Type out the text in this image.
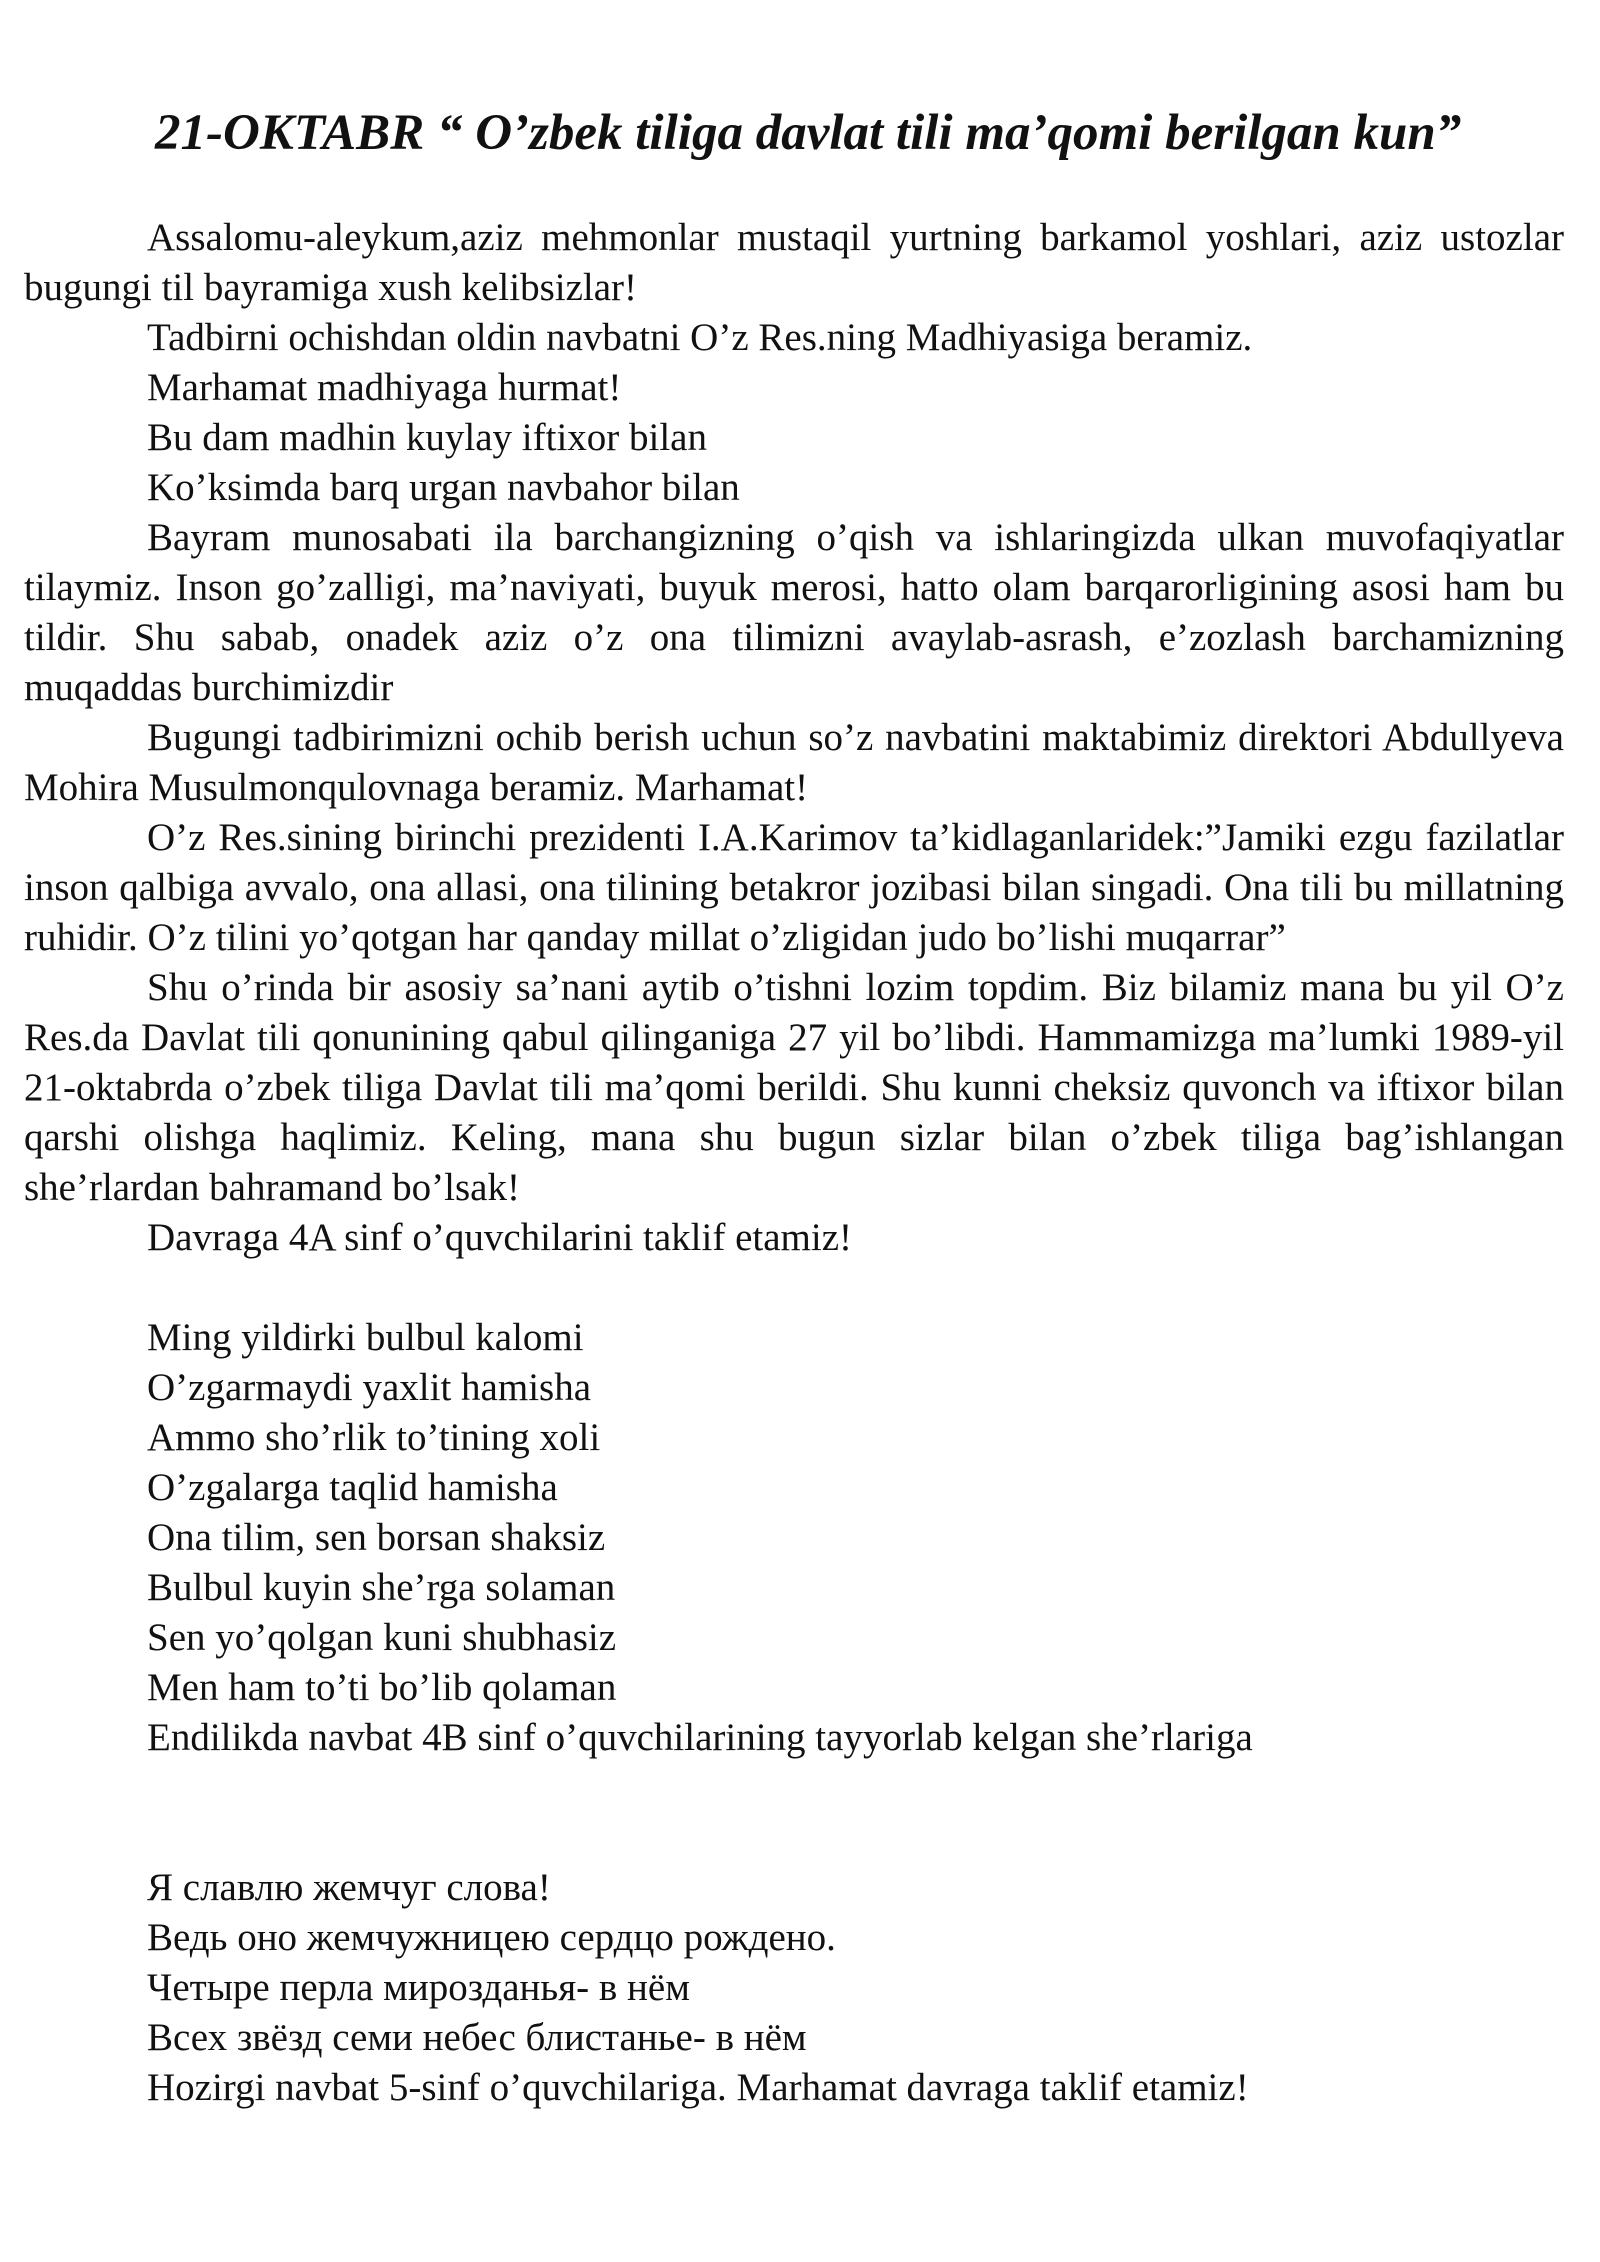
21-OKTABR “ O’zbek tiliga davlat tili ma’qomi berilgan kun”

Assalomu-aleykum,aziz mehmonlar mustaqil yurtning barkamol yoshlari, aziz ustozlar bugungi til bayramiga xush kelibsizlar!

Tadbirni ochishdan oldin navbatni O’z Res.ning Madhiyasiga beramiz.

Marhamat madhiyaga hurmat!

Bu dam madhin kuylay iftixor bilan

Ko’ksimda barq urgan navbahor bilan

Bayram munosabati ila barchangizning o’qish va ishlaringizda ulkan muvofaqiyatlar tilaymiz. Inson go’zalligi, ma’naviyati, buyuk merosi, hatto olam barqarorligining asosi ham bu tildir. Shu sabab, onadek aziz o’z ona tilimizni avaylab-asrash, e’zozlash barchamizning muqaddas burchimizdir

Bugungi tadbirimizni ochib berish uchun so’z navbatini maktabimiz direktori Abdullyeva Mohira Musulmonqulovnaga beramiz. Marhamat!

O’z Res.sining birinchi prezidenti I.A.Karimov ta’kidlaganlaridek:”Jamiki ezgu fazilatlar inson qalbiga avvalo, ona allasi, ona tilining betakror jozibasi bilan singadi. Ona tili bu millatning ruhidir. O’z tilini yo’qotgan har qanday millat o’zligidan judo bo’lishi muqarrar”

Shu o’rinda bir asosiy sa’nani aytib o’tishni lozim topdim. Biz bilamiz mana bu yil O’z Res.da Davlat tili qonunining qabul qilinganiga 27 yil bo’libdi. Hammamizga ma’lumki 1989-yil 21-oktabrda o’zbek tiliga Davlat tili ma’qomi berildi. Shu kunni cheksiz quvonch va iftixor bilan qarshi olishga haqlimiz. Keling, mana shu bugun sizlar bilan o’zbek tiliga bag’ishlangan she’rlardan bahramand bo’lsak!

Davraga 4A sinf o’quvchilarini taklif etamiz!

Ming yildirki bulbul kalomi

O’zgarmaydi yaxlit hamisha

Ammo sho’rlik to’tining xoli

O’zgalarga taqlid hamisha

Ona tilim, sen borsan shaksiz

Bulbul kuyin she’rga solaman

Sen yo’qolgan kuni shubhasiz

Men ham to’ti bo’lib qolaman

Endilikda navbat 4B sinf o’quvchilarining tayyorlab kelgan she’rlariga

Я славлю жемчуг слова!

Ведь оно жемчужницею сердцо рождено.

Четыре перла мирозданья- в нём

Всех звёзд семи небес блистанье- в нём

Hozirgi navbat 5-sinf o’quvchilariga. Marhamat davraga taklif etamiz!
